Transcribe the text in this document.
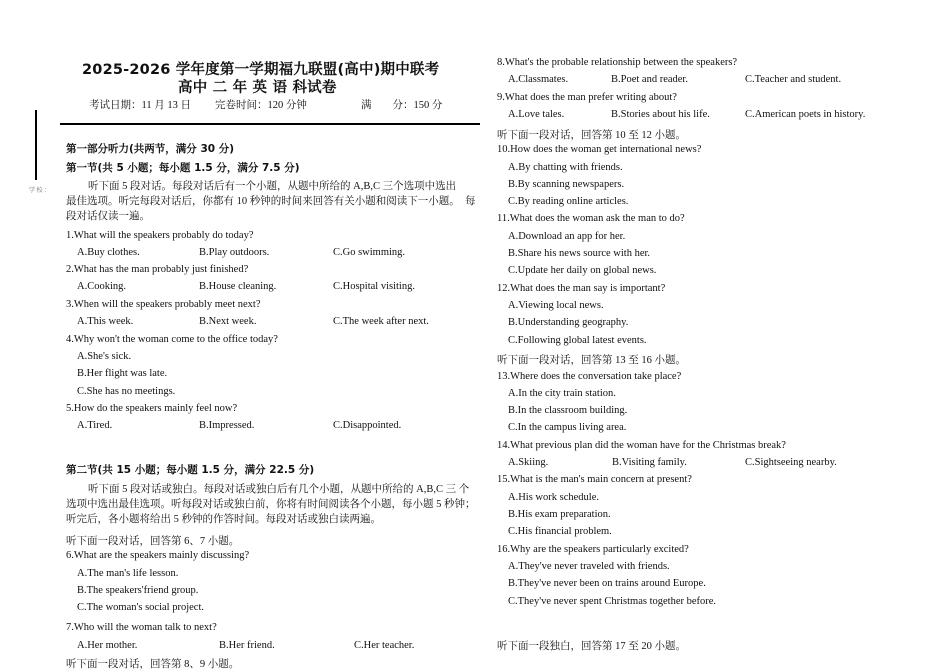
学 校 ：
2025-2026 学年度第一学期福九联盟(高中)期中联考
高中 二 年 英 语 科试卷
考试日期：11 月 13 日 完卷时间：120 分钟	满　　分：150 分
第一部分听力(共两节，满分 30 分)
第一节(共 5 小题；每小题 1.5 分，满分 7.5 分)
听下面 5 段对话。每段对话后有一个小题，从题中所给的 A,B,C 三个选项中选出　最佳选项。听完每段对话后，你都有 10 秒钟的时间来回答有关小题和阅读下一小题。　每段对话仅读一遍。
1.What will the speakers probably do today?
A.Buy clothes.	B.Play outdoors.	C.Go swimming.
2.What has the man probably just finished?
A.Cooking.	B.House cleaning.	C.Hospital visiting.
3.When will the speakers probably meet next?
A.This week.	B.Next week.	C.The week after next.
4.Why won't the woman come to the office today?
A.She's sick.
B.Her flight was late.
C.She has no meetings.
5.How do the speakers mainly feel now?
A.Tired.	B.Impressed.	C.Disappointed.
第二节(共 15 小题；每小题 1.5 分，满分 22.5 分)
听下面 5 段对话或独白。每段对话或独白后有几个小题，从题中所给的 A,B,C 三 个选项中选出最佳选项。听每段对话或独白前，你将有时间阅读各个小题，每小题 5 秒钟；听完后，各小题将给出 5 秒钟的作答时间。每段对话或独白读两遍。
听下面一段对话，回答第 6、7 小题。
6.What are the speakers mainly discussing?
A.The man's life lesson.
B.The speakers'friend group.
C.The woman's social project.
7.Who will the woman talk to next?
A.Her mother.	B.Her friend.	C.Her teacher.
听下面一段对话，回答第 8、9 小题。
8.What's the probable relationship between the speakers?
A.Classmates.	B.Poet and reader.	C.Teacher and student.
9.What does the man prefer writing about?
A.Love tales.	B.Stories about his life.	C.American poets in history.
听下面一段对话，回答第 10 至 12 小题。
10.How does the woman get international news?
A.By chatting with friends.
B.By scanning newspapers.
C.By reading online articles.
11.What does the woman ask the man to do?
A.Download an app for her.
B.Share his news source with her.
C.Update her daily on global news.
12.What does the man say is important?
A.Viewing local news.
B.Understanding geography.
C.Following global latest events.
听下面一段对话，回答第 13 至 16 小题。
13.Where does the conversation take place?
A.In the city train station.
B.In the classroom building.
C.In the campus living area.
14.What previous plan did the woman have for the Christmas break?
A.Skiing.	B.Visiting family.	C.Sightseeing nearby.
15.What is the man's main concern at present?
A.His work schedule.
B.His exam preparation.
C.His financial problem.
16.Why are the speakers particularly excited?
A.They've never traveled with friends.
B.They've never been on trains around Europe.
C.They've never spent Christmas together before.
听下面一段独白，回答第 17 至 20 小题。
